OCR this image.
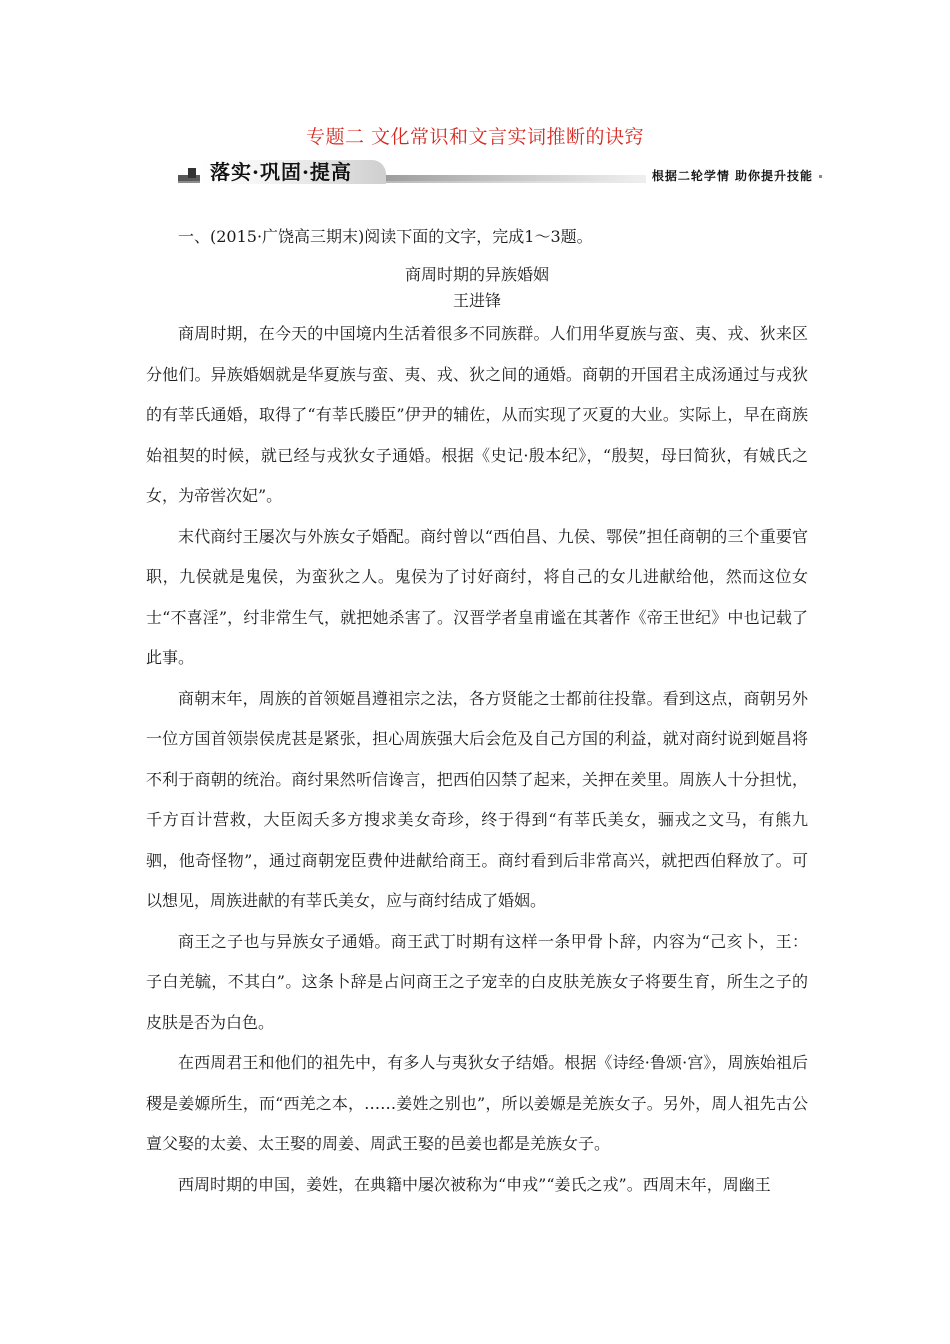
专题二 文化常识和文言实词推断的诀窍
落实·巩固·提高	根据二轮学情 助你提升技能

一、(2015·广饶高三期末)阅读下面的文字，完成1～3题。

商周时期的异族婚姻

王进锋

商周时期，在今天的中国境内生活着很多不同族群。人们用华夏族与蛮、夷、戎、狄来区分他们。异族婚姻就是华夏族与蛮、夷、戎、狄之间的通婚。商朝的开国君主成汤通过与戎狄的有莘氏通婚，取得了“有莘氏媵臣”伊尹的辅佐，从而实现了灭夏的大业。实际上，早在商族始祖契的时候，就已经与戎狄女子通婚。根据《史记·殷本纪》，“殷契，母曰简狄，有娀氏之女，为帝喾次妃”。

末代商纣王屡次与外族女子婚配。商纣曾以“西伯昌、九侯、鄂侯”担任商朝的三个重要官职，九侯就是鬼侯，为蛮狄之人。鬼侯为了讨好商纣，将自己的女儿进献给他，然而这位女士“不喜淫”，纣非常生气，就把她杀害了。汉晋学者皇甫谧在其著作《帝王世纪》中也记载了此事。

商朝末年，周族的首领姬昌遵祖宗之法，各方贤能之士都前往投靠。看到这点，商朝另外一位方国首领崇侯虎甚是紧张，担心周族强大后会危及自己方国的利益，就对商纣说到姬昌将不利于商朝的统治。商纣果然听信谗言，把西伯囚禁了起来，关押在羑里。周族人十分担忧，千方百计营救，大臣闳夭多方搜求美女奇珍，终于得到“有莘氏美女，骊戎之文马，有熊九驷，他奇怪物”，通过商朝宠臣费仲进献给商王。商纣看到后非常高兴，就把西伯释放了。可以想见，周族进献的有莘氏美女，应与商纣结成了婚姻。

商王之子也与异族女子通婚。商王武丁时期有这样一条甲骨卜辞，内容为“己亥卜，王：子白羌毓，不其白”。这条卜辞是占问商王之子宠幸的白皮肤羌族女子将要生育，所生之子的皮肤是否为白色。

在西周君王和他们的祖先中，有多人与夷狄女子结婚。根据《诗经·鲁颂·宫》，周族始祖后稷是姜嫄所生，而“西羌之本，……姜姓之别也”，所以姜嫄是羌族女子。另外，周人祖先古公亶父娶的太姜、太王娶的周姜、周武王娶的邑姜也都是羌族女子。

西周时期的申国，姜姓，在典籍中屡次被称为“申戎”“姜氏之戎”。西周末年，周幽王
